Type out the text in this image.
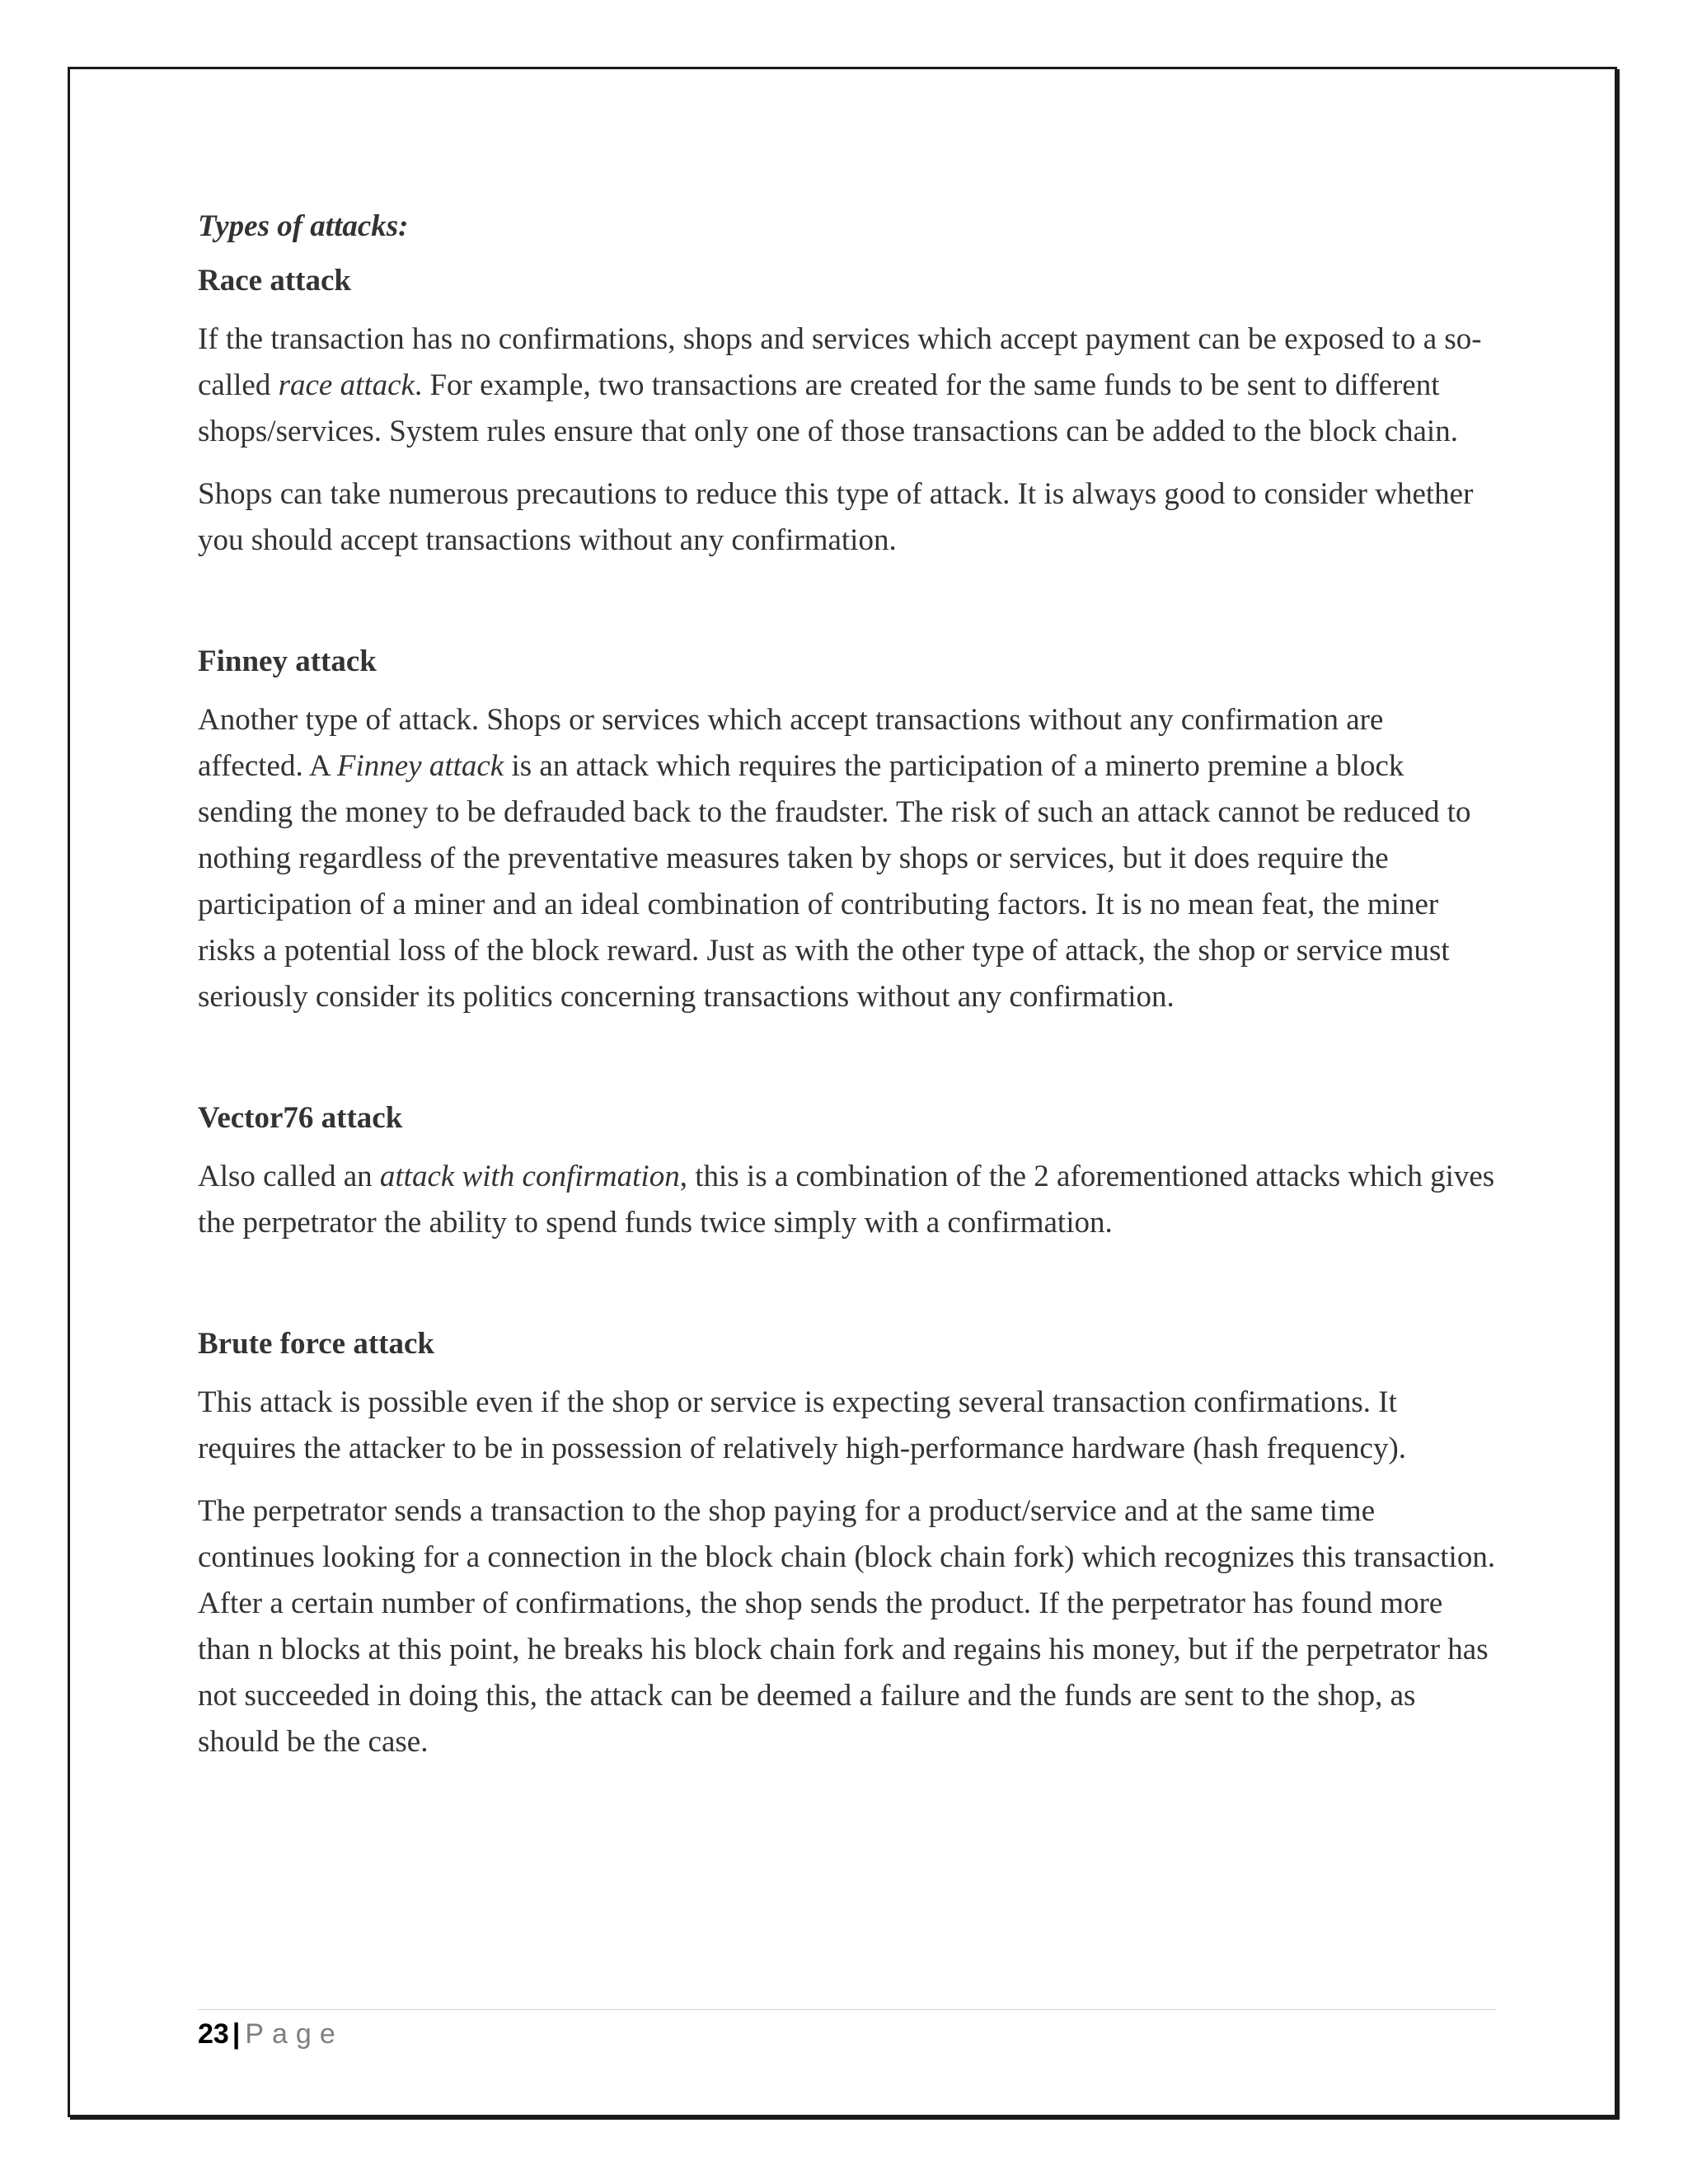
Types of attacks:
Race attack

If the transaction has no confirmations, shops and services which accept payment can be exposed to a so-called race attack. For example, two transactions are created for the same funds to be sent to different shops/services. System rules ensure that only one of those transactions can be added to the block chain.

Shops can take numerous precautions to reduce this type of attack. It is always good to consider whether you should accept transactions without any confirmation.

Finney attack

Another type of attack. Shops or services which accept transactions without any confirmation are affected. A Finney attack is an attack which requires the participation of a minerto premine a block sending the money to be defrauded back to the fraudster. The risk of such an attack cannot be reduced to nothing regardless of the preventative measures taken by shops or services, but it does require the participation of a miner and an ideal combination of contributing factors. It is no mean feat, the miner risks a potential loss of the block reward. Just as with the other type of attack, the shop or service must seriously consider its politics concerning transactions without any confirmation.

Vector76 attack

Also called an attack with confirmation, this is a combination of the 2 aforementioned attacks which gives the perpetrator the ability to spend funds twice simply with a confirmation.

Brute force attack

This attack is possible even if the shop or service is expecting several transaction confirmations. It requires the attacker to be in possession of relatively high-performance hardware (hash frequency).

The perpetrator sends a transaction to the shop paying for a product/service and at the same time continues looking for a connection in the block chain (block chain fork) which recognizes this transaction. After a certain number of confirmations, the shop sends the product. If the perpetrator has found more than n blocks at this point, he breaks his block chain fork and regains his money, but if the perpetrator has not succeeded in doing this, the attack can be deemed a failure and the funds are sent to the shop, as should be the case.

23 | Page
